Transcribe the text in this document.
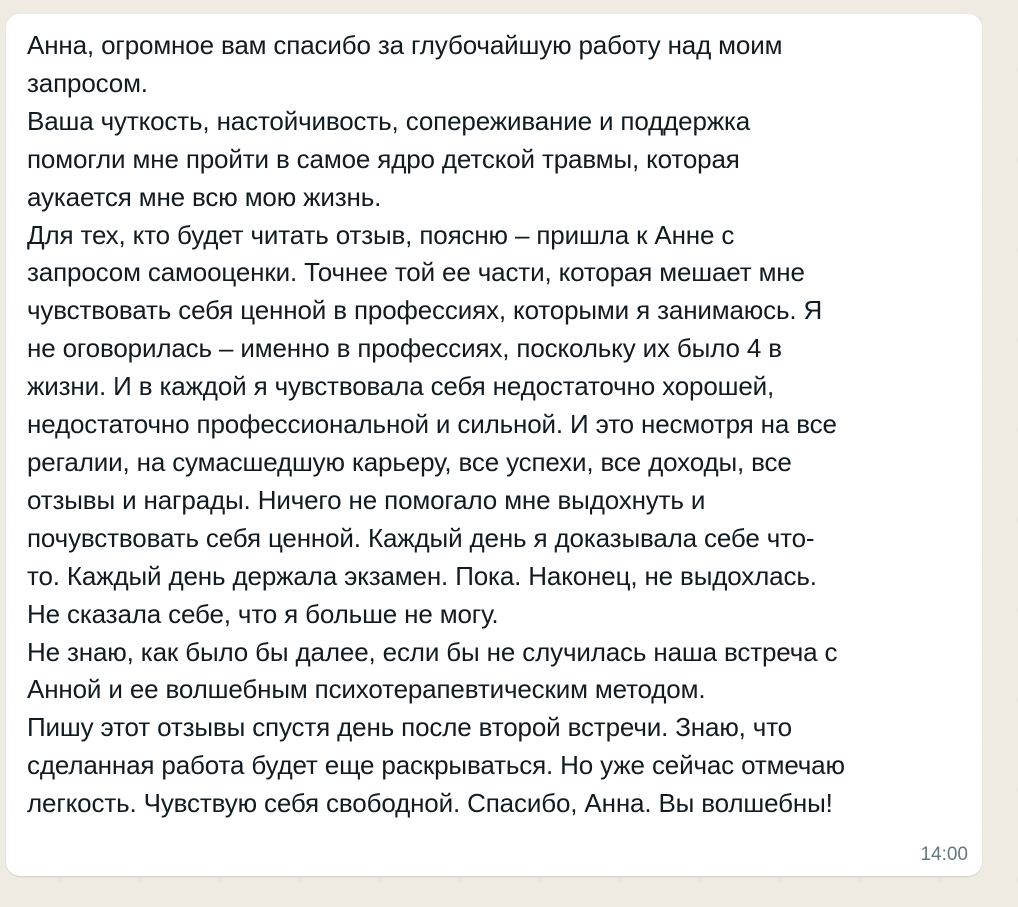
Анна, огромное вам спасибо за глубочайшую работу над моим
запросом.
Ваша чуткость, настойчивость, сопереживание и поддержка
помогли мне пройти в самое ядро детской травмы, которая
аукается мне всю мою жизнь.
Для тех, кто будет читать отзыв, поясню – пришла к Анне с
запросом самооценки. Точнее той ее части, которая мешает мне
чувствовать себя ценной в профессиях, которыми я занимаюсь. Я
не оговорилась – именно в профессиях, поскольку их было 4 в
жизни. И в каждой я чувствовала себя недостаточно хорошей,
недостаточно профессиональной и сильной. И это несмотря на все
регалии, на сумасшедшую карьеру, все успехи, все доходы, все
отзывы и награды. Ничего не помогало мне выдохнуть и
почувствовать себя ценной. Каждый день я доказывала себе что-
то. Каждый день держала экзамен. Пока. Наконец, не выдохлась.
Не сказала себе, что я больше не могу.
Не знаю, как было бы далее, если бы не случилась наша встреча с
Анной и ее волшебным психотерапевтическим методом.
Пишу этот отзывы спустя день после второй встречи. Знаю, что
сделанная работа будет еще раскрываться. Но уже сейчас отмечаю
легкость. Чувствую себя свободной. Спасибо, Анна. Вы волшебны!
14:00
